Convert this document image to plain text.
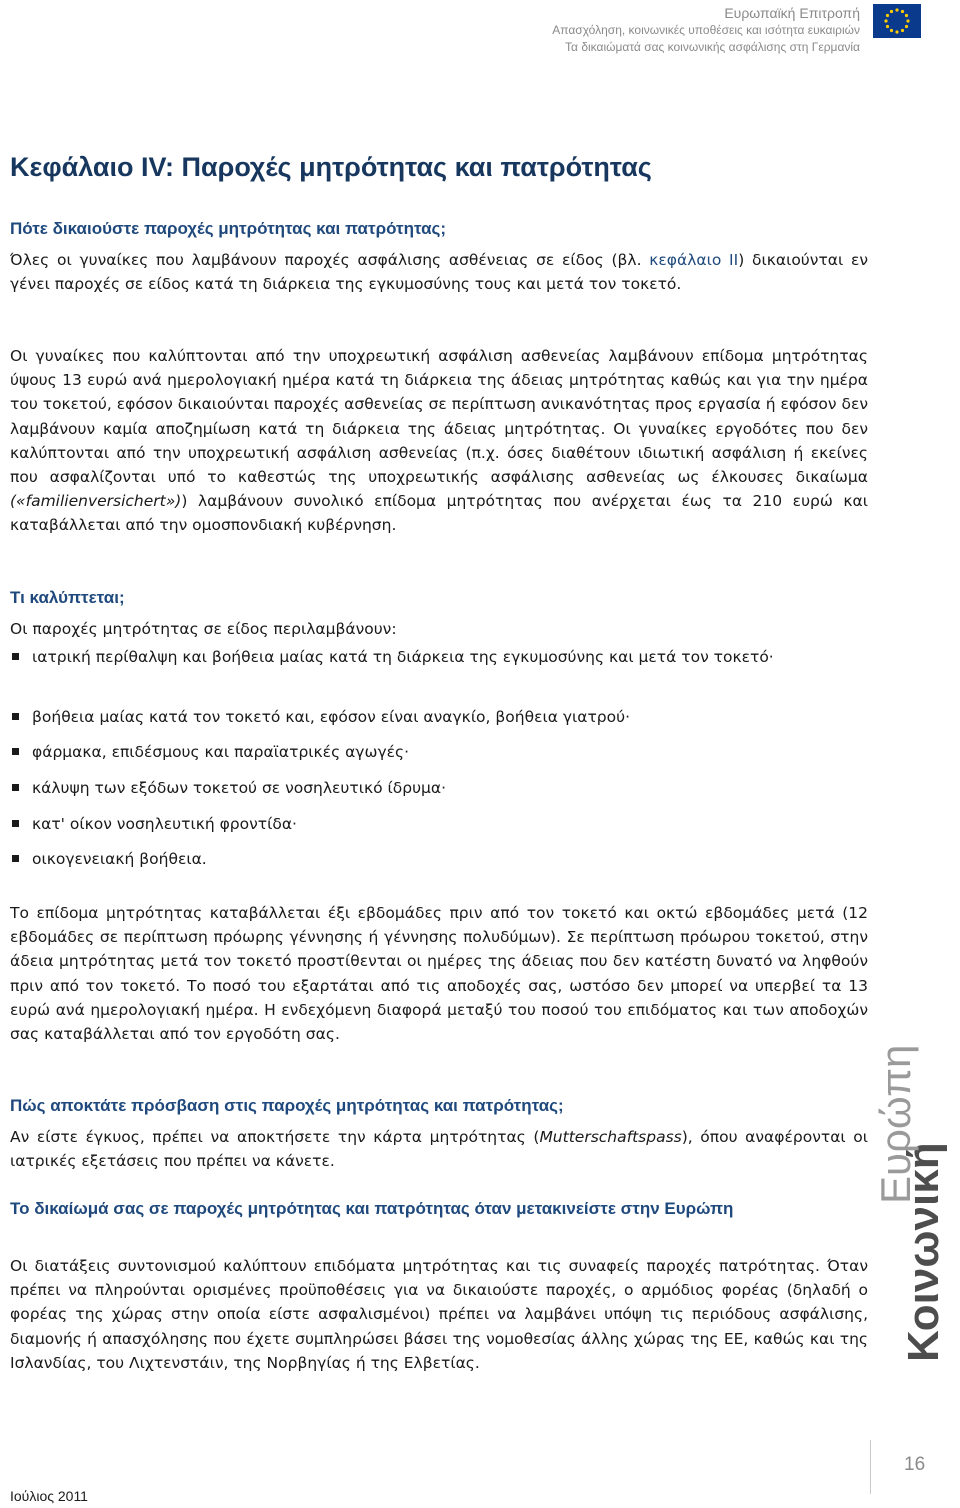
Ευρωπαϊκή Επιτροπή
Απασχόληση, κοινωνικές υποθέσεις και ισότητα ευκαιριών
Τα δικαιώματά σας κοινωνικής ασφάλισης στη Γερμανία
Κεφάλαιο IV: Παροχές μητρότητας και πατρότητας
Πότε δικαιούστε παροχές μητρότητας και πατρότητας;

Όλες οι γυναίκες που λαμβάνουν παροχές ασφάλισης ασθένειας σε είδος (βλ. κεφάλαιο II) δικαιούνται εν γένει παροχές σε είδος κατά τη διάρκεια της εγκυμοσύνης τους και μετά τον τοκετό.

Οι γυναίκες που καλύπτονται από την υποχρεωτική ασφάλιση ασθενείας λαμβάνουν επίδομα μητρότητας ύψους 13 ευρώ ανά ημερολογιακή ημέρα κατά τη διάρκεια της άδειας μητρότητας καθώς και για την ημέρα του τοκετού, εφόσον δικαιούνται παροχές ασθενείας σε περίπτωση ανικανότητας προς εργασία ή εφόσον δεν λαμβάνουν καμία αποζημίωση κατά τη διάρκεια της άδειας μητρότητας. Οι γυναίκες εργοδότες που δεν καλύπτονται από την υποχρεωτική ασφάλιση ασθενείας (π.χ. όσες διαθέτουν ιδιωτική ασφάλιση ή εκείνες που ασφαλίζονται υπό το καθεστώς της υποχρεωτικής ασφάλισης ασθενείας ως έλκουσες δικαίωμα («familienversichert»)) λαμβάνουν συνολικό επίδομα μητρότητας που ανέρχεται έως τα 210 ευρώ και καταβάλλεται από την ομοσπονδιακή κυβέρνηση.

Τι καλύπτεται;

Οι παροχές μητρότητας σε είδος περιλαμβάνουν:

ιατρική περίθαλψη και βοήθεια μαίας κατά τη διάρκεια της εγκυμοσύνης και μετά τον τοκετό·
βοήθεια μαίας κατά τον τοκετό και, εφόσον είναι αναγκίο, βοήθεια γιατρού·
φάρμακα, επιδέσμους και παραϊατρικές αγωγές·
κάλυψη των εξόδων τοκετού σε νοσηλευτικό ίδρυμα·
κατ' οίκον νοσηλευτική φροντίδα·
οικογενειακή βοήθεια.

Το επίδομα μητρότητας καταβάλλεται έξι εβδομάδες πριν από τον τοκετό και οκτώ εβδομάδες μετά (12 εβδομάδες σε περίπτωση πρόωρης γέννησης ή γέννησης πολυδύμων). Σε περίπτωση πρόωρου τοκετού, στην άδεια μητρότητας μετά τον τοκετό προστίθενται οι ημέρες της άδειας που δεν κατέστη δυνατό να ληφθούν πριν από τον τοκετό. Το ποσό του εξαρτάται από τις αποδοχές σας, ωστόσο δεν μπορεί να υπερβεί τα 13 ευρώ ανά ημερολογιακή ημέρα. Η ενδεχόμενη διαφορά μεταξύ του ποσού του επιδόματος και των αποδοχών σας καταβάλλεται από τον εργοδότη σας.

Πώς αποκτάτε πρόσβαση στις παροχές μητρότητας και πατρότητας;

Αν είστε έγκυος, πρέπει να αποκτήσετε την κάρτα μητρότητας (Mutterschaftspass), όπου αναφέρονται οι ιατρικές εξετάσεις που πρέπει να κάνετε.

Το δικαίωμά σας σε παροχές μητρότητας και πατρότητας όταν μετακινείστε στην Ευρώπη

Οι διατάξεις συντονισμού καλύπτουν επιδόματα μητρότητας και τις συναφείς παροχές πατρότητας. Όταν πρέπει να πληρούνται ορισμένες προϋποθέσεις για να δικαιούστε παροχές, ο αρμόδιος φορέας (δηλαδή ο φορέας της χώρας στην οποία είστε ασφαλισμένοι) πρέπει να λαμβάνει υπόψη τις περιόδους ασφάλισης, διαμονής ή απασχόλησης που έχετε συμπληρώσει βάσει της νομοθεσίας άλλης χώρας της ΕΕ, καθώς και της Ισλανδίας, του Λιχτενστάιν, της Νορβηγίας ή της Ελβετίας.

Κοινωνική
Ευρώπη
16
Ιούλιος 2011
